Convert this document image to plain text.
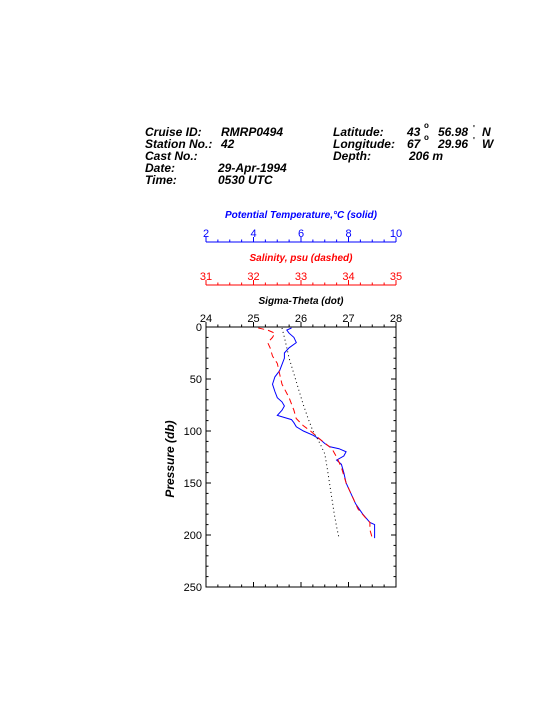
Cruise ID: RMRP0494
Station No.: 42
Cast No.:
Date:	29-Apr-1994
Time:	0530 UTC
Latitude: 43 o 56.98 ' N
Longitude: 67 o 29.96 ' W
Depth:	206 m
Potential Temperature,°C (solid)
Salinity, psu (dashed)
Sigma-Theta (dot)
Pressure (db)
2	4	6	8	10
31	32	33	34	35
24	25	26	27	28
0
50
100
150
200
250
